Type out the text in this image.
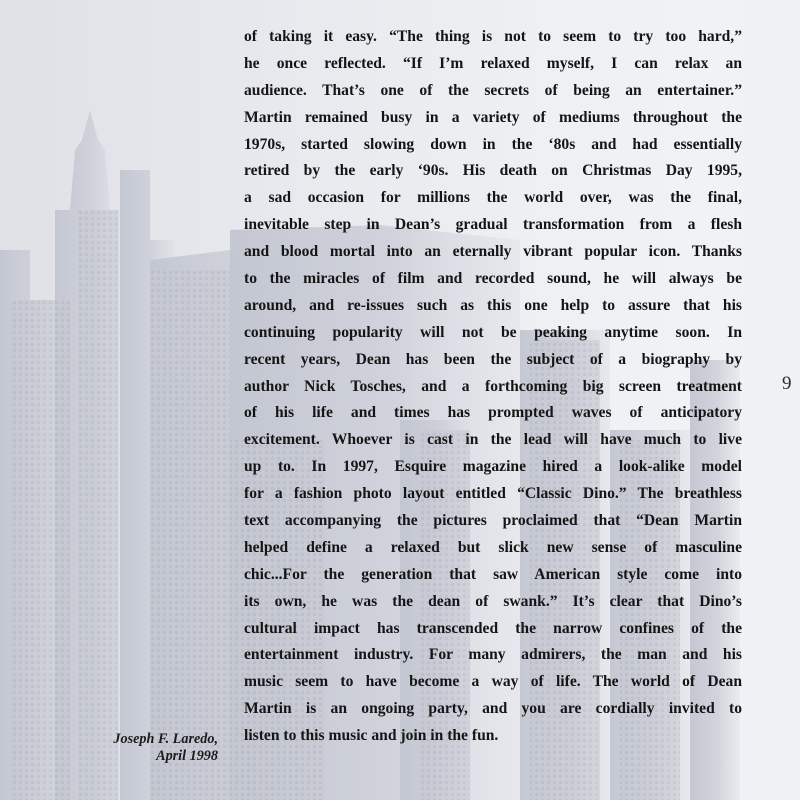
of taking it easy. “The thing is not to seem to try too hard,”
he once reflected. “If I’m relaxed myself, I can relax an
audience. That’s one of the secrets of being an entertainer.”
Martin remained busy in a variety of mediums throughout the
1970s, started slowing down in the ‘80s and had essentially
retired by the early ‘90s. His death on Christmas Day 1995,
a sad occasion for millions the world over, was the final,
inevitable step in Dean’s gradual transformation from a flesh
and blood mortal into an eternally vibrant popular icon. Thanks
to the miracles of film and recorded sound, he will always be
around, and re-issues such as this one help to assure that his
continuing popularity will not be peaking anytime soon. In
recent years, Dean has been the subject of a biography by
author Nick Tosches, and a forthcoming big screen treatment
of his life and times has prompted waves of anticipatory
excitement. Whoever is cast in the lead will have much to live
up to. In 1997, Esquire magazine hired a look-alike model
for a fashion photo layout entitled “Classic Dino.” The breathless
text accompanying the pictures proclaimed that “Dean Martin
helped define a relaxed but slick new sense of masculine
chic...For the generation that saw American style come into
its own, he was the dean of swank.” It’s clear that Dino’s
cultural impact has transcended the narrow confines of the
entertainment industry. For many admirers, the man and his
music seem to have become a way of life. The world of Dean
Martin is an ongoing party, and you are cordially invited to
listen to this music and join in the fun.
9
Joseph F. Laredo,
April 1998
